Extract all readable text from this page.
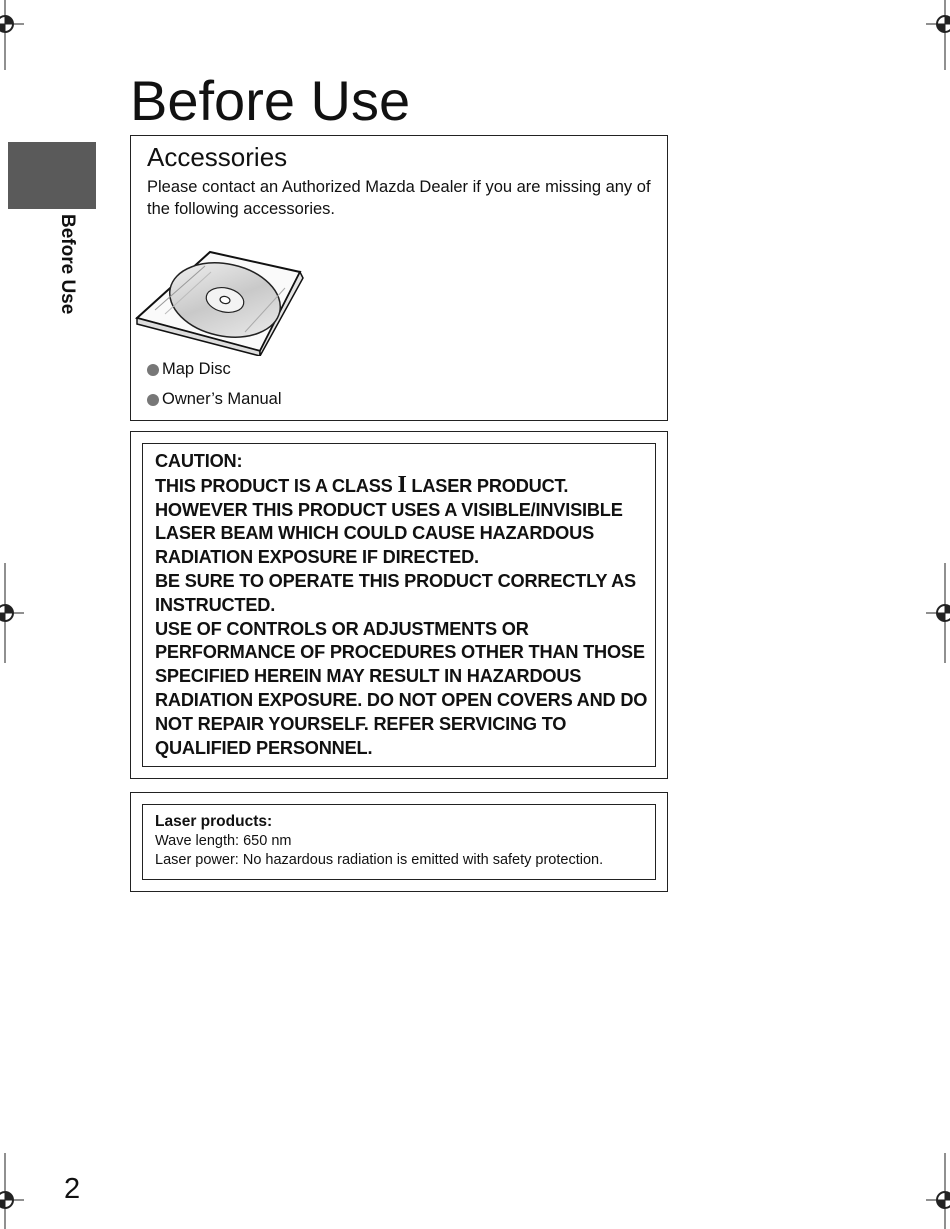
Before Use
Before Use
Accessories
Please contact an Authorized Mazda Dealer if you are missing any of the following accessories.
Map Disc
Owner’s Manual
CAUTION:
THIS PRODUCT IS A CLASS I LASER PRODUCT.
HOWEVER THIS PRODUCT USES A VISIBLE/INVISIBLE LASER BEAM WHICH COULD CAUSE HAZARDOUS RADIATION EXPOSURE IF DIRECTED.
BE SURE TO OPERATE THIS PRODUCT CORRECTLY AS INSTRUCTED.
USE OF CONTROLS OR ADJUSTMENTS OR PERFORMANCE OF PROCEDURES OTHER THAN THOSE SPECIFIED HEREIN MAY RESULT IN HAZARDOUS RADIATION EXPOSURE. DO NOT OPEN COVERS AND DO NOT REPAIR YOURSELF. REFER SERVICING TO QUALIFIED PERSONNEL.
Laser products:
Wave length: 650 nm
Laser power: No hazardous radiation is emitted with safety protection.
2
